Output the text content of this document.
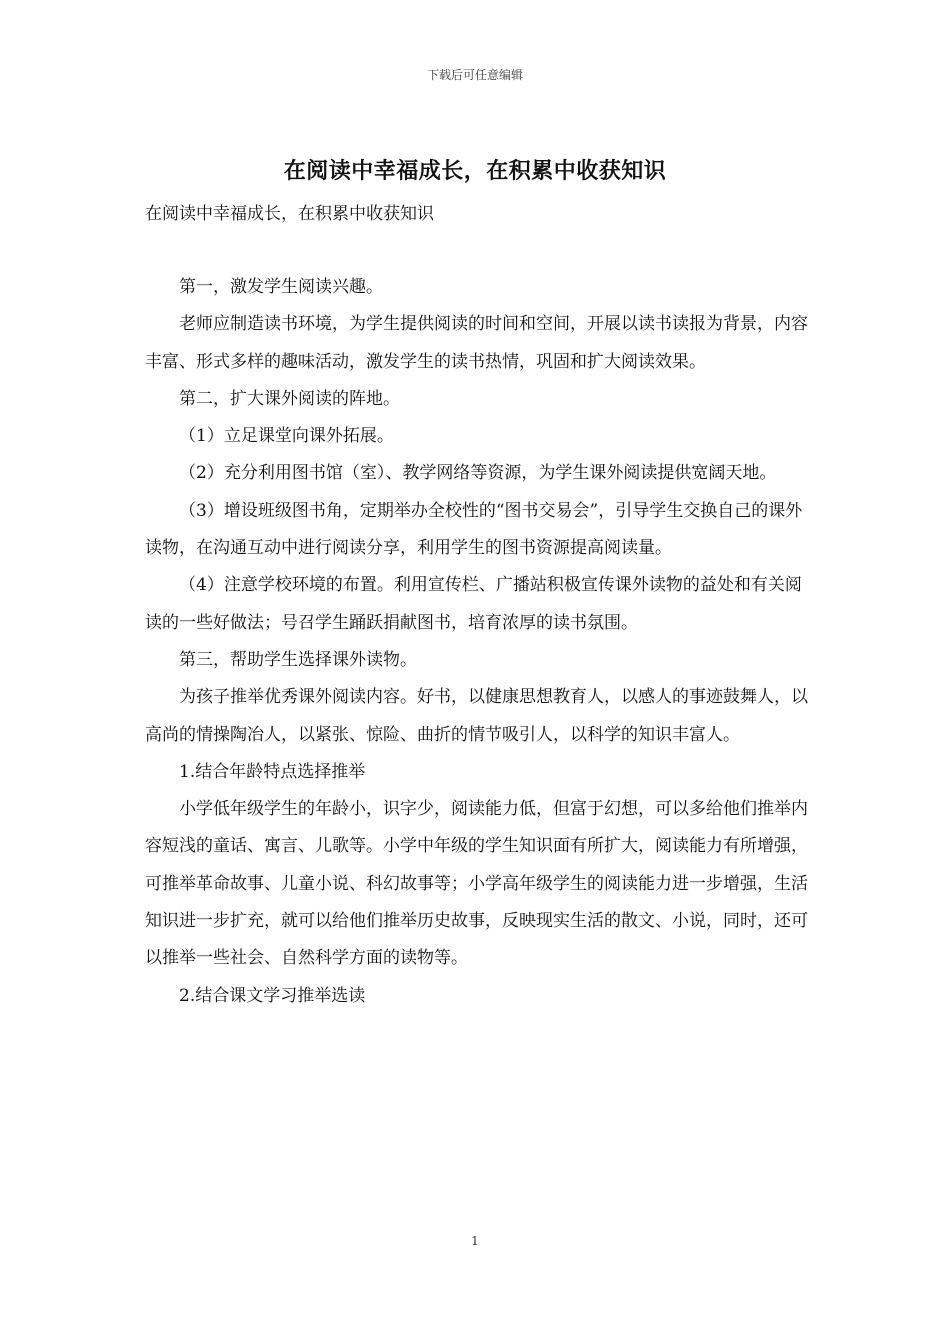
下载后可任意编辑
在阅读中幸福成长，在积累中收获知识
在阅读中幸福成长，在积累中收获知识

第一，激发学生阅读兴趣。

老师应制造读书环境，为学生提供阅读的时间和空间，开展以读书读报为背景，内容丰富、形式多样的趣味活动，激发学生的读书热情，巩固和扩大阅读效果。

第二，扩大课外阅读的阵地。

（1）立足课堂向课外拓展。

（2）充分利用图书馆（室）、教学网络等资源，为学生课外阅读提供宽阔天地。

（3）增设班级图书角，定期举办全校性的“图书交易会”，引导学生交换自己的课外读物，在沟通互动中进行阅读分享，利用学生的图书资源提高阅读量。

（4）注意学校环境的布置。利用宣传栏、广播站积极宣传课外读物的益处和有关阅读的一些好做法；号召学生踊跃捐献图书，培育浓厚的读书氛围。

第三，帮助学生选择课外读物。

为孩子推举优秀课外阅读内容。好书，以健康思想教育人，以感人的事迹鼓舞人，以高尚的情操陶冶人，以紧张、惊险、曲折的情节吸引人，以科学的知识丰富人。

1.结合年龄特点选择推举

小学低年级学生的年龄小，识字少，阅读能力低，但富于幻想，可以多给他们推举内容短浅的童话、寓言、儿歌等。小学中年级的学生知识面有所扩大，阅读能力有所增强，可推举革命故事、儿童小说、科幻故事等；小学高年级学生的阅读能力进一步增强，生活知识进一步扩充，就可以给他们推举历史故事，反映现实生活的散文、小说，同时，还可以推举一些社会、自然科学方面的读物等。

2.结合课文学习推举选读

1
